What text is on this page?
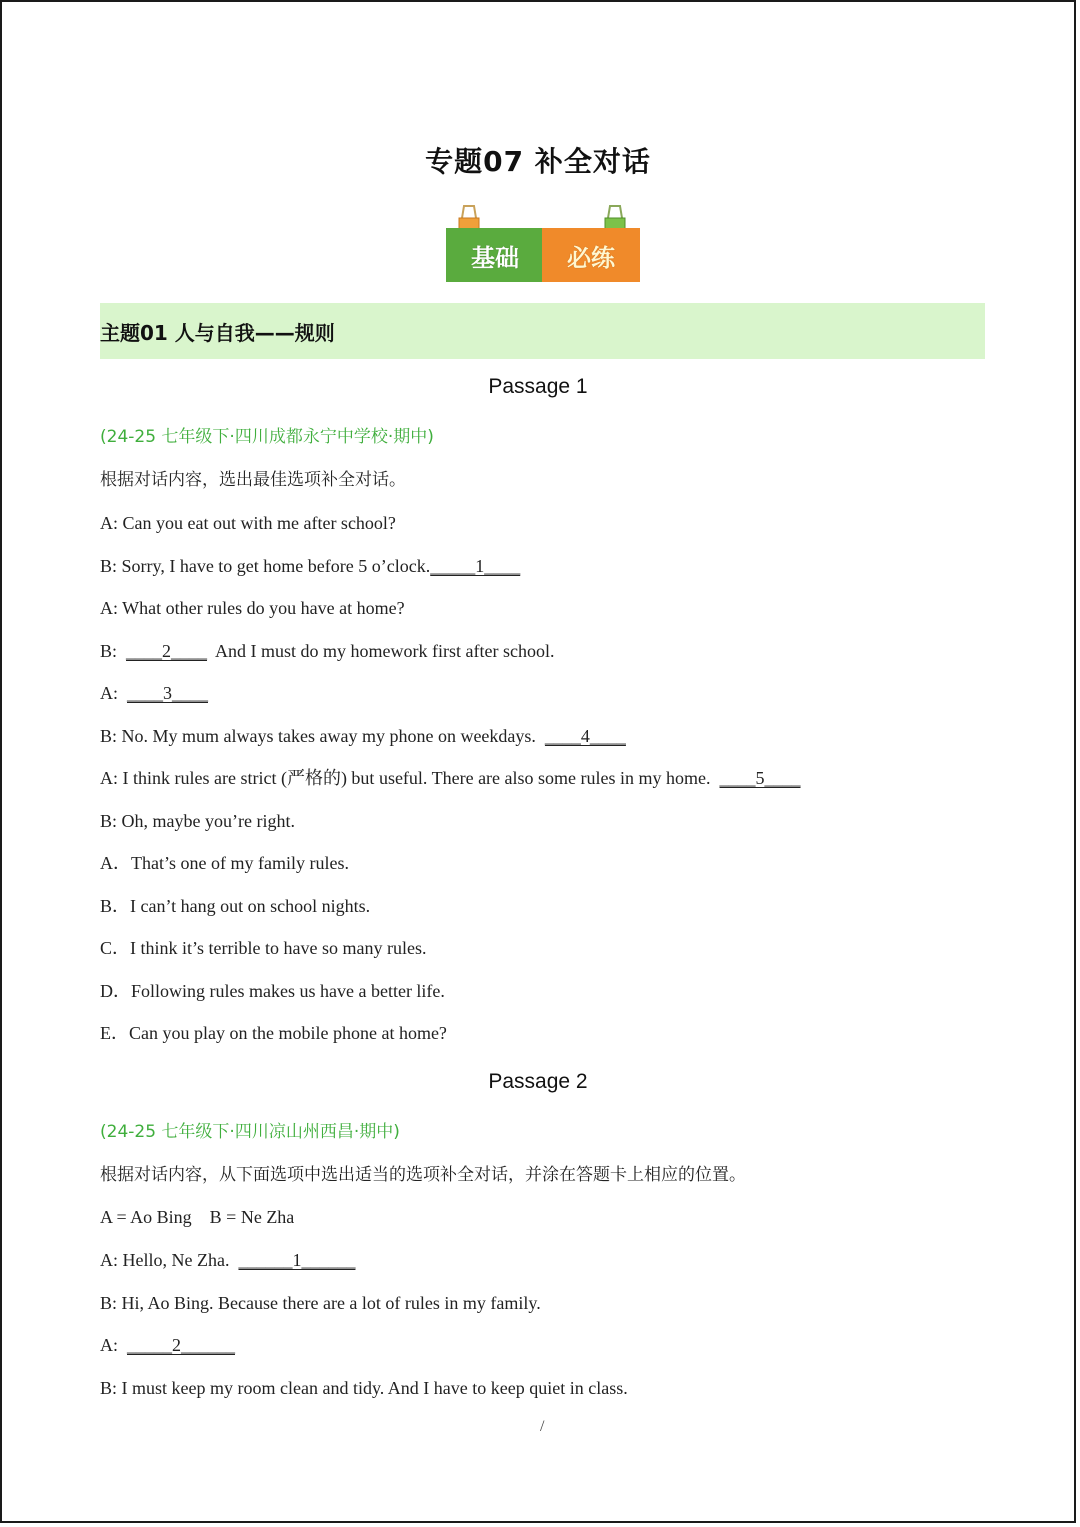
专题07 补全对话
基础	必练
主题01 人与自我——规则
Passage 1
(24-25 七年级下·四川成都永宁中学校·期中)
根据对话内容，选出最佳选项补全对话。
A: Can you eat out with me after school?
B: Sorry, I have to get home before 5 o’clock._____1____
A: What other rules do you have at home?
B:  ____2____  And I must do my homework first after school.
A:  ____3____
B: No. My mum always takes away my phone on weekdays.  ____4____
A: I think rules are strict (严格的) but useful. There are also some rules in my home.  ____5____
B: Oh, maybe you’re right.
A．That’s one of my family rules.
B．I can’t hang out on school nights.
C．I think it’s terrible to have so many rules.
D．Following rules makes us have a better life.
E．Can you play on the mobile phone at home?
Passage 2
(24-25 七年级下·四川凉山州西昌·期中)
根据对话内容，从下面选项中选出适当的选项补全对话，并涂在答题卡上相应的位置。
A = Ao Bing    B = Ne Zha
A: Hello, Ne Zha.  ______1______
B: Hi, Ao Bing. Because there are a lot of rules in my family.
A:  _____2______
B: I must keep my room clean and tidy. And I have to keep quiet in class.
/
